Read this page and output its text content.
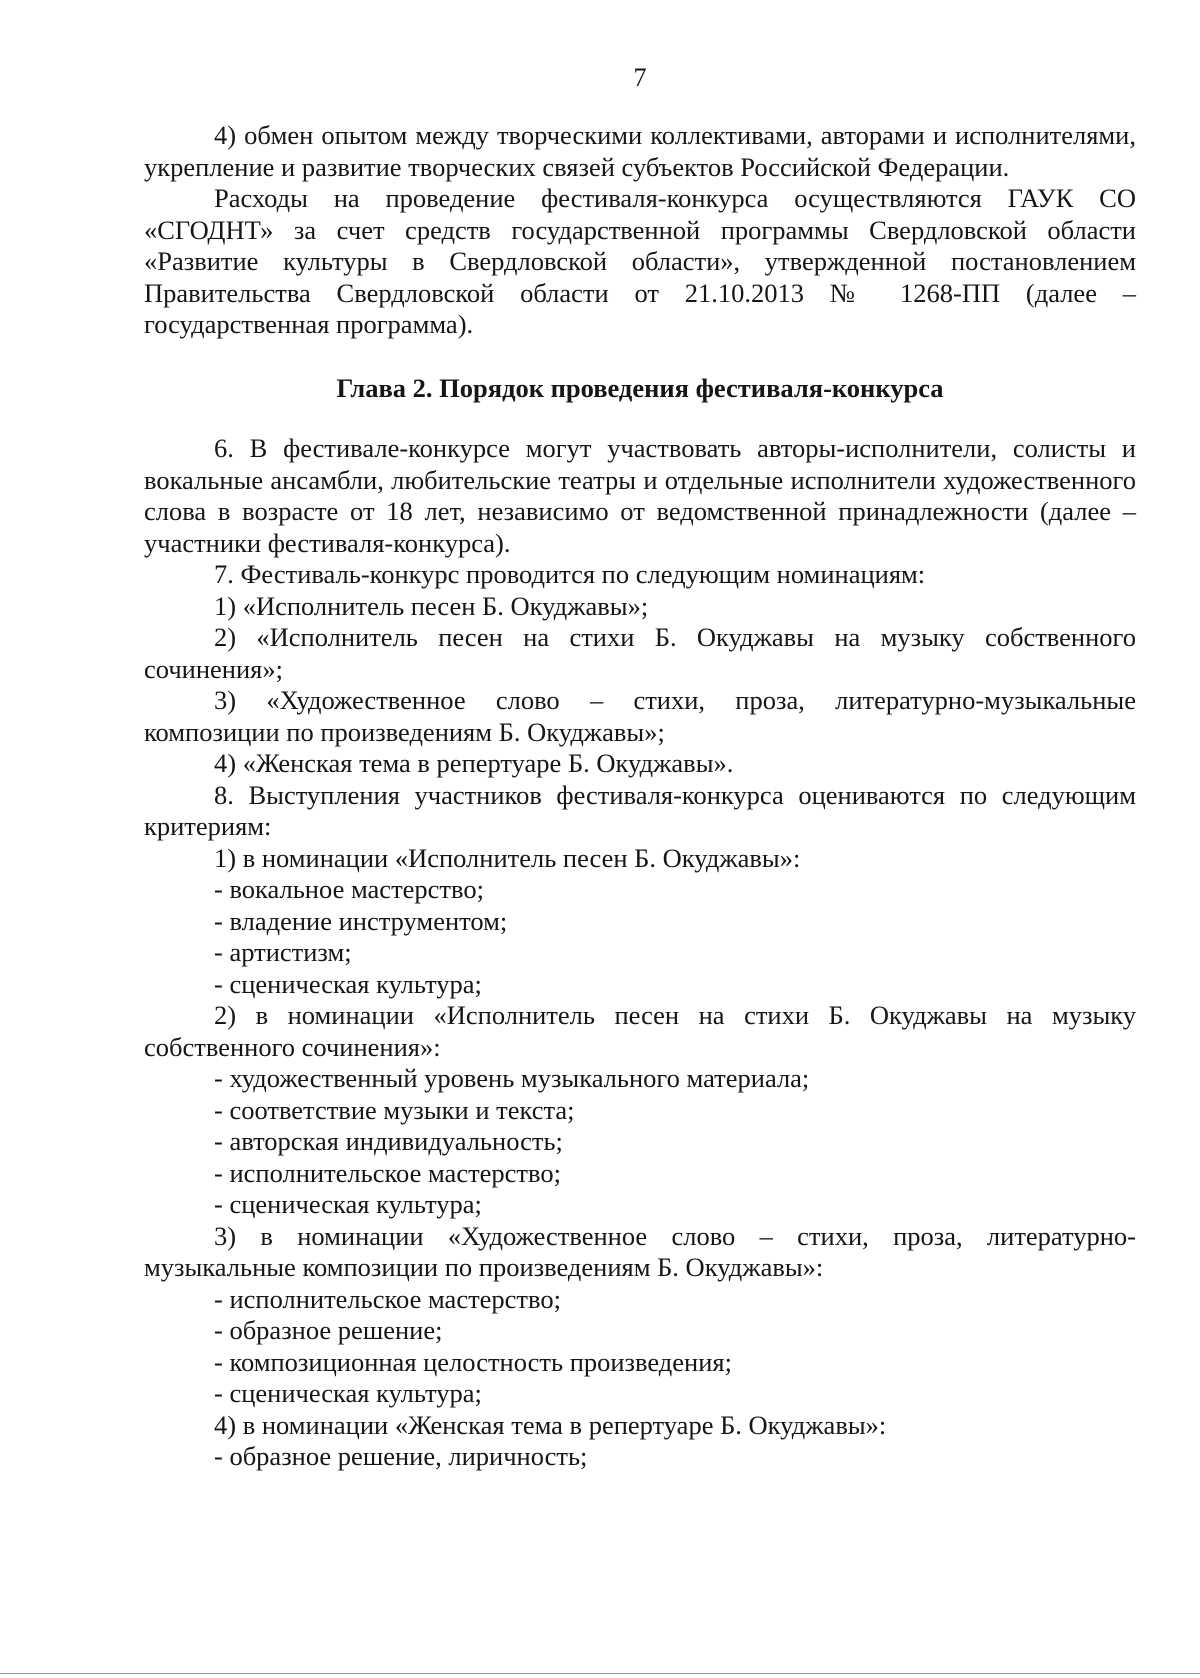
7

4) обмен опытом между творческими коллективами, авторами и исполнителями, укрепление и развитие творческих связей субъектов Российской Федерации.

Расходы на проведение фестиваля-конкурса осуществляются ГАУК СО «СГОДНТ» за счет средств государственной программы Свердловской области «Развитие культуры в Свердловской области», утвержденной постановлением Правительства Свердловской области от 21.10.2013 № 1268-ПП (далее – государственная программа).

Глава 2. Порядок проведения фестиваля-конкурса

6. В фестивале-конкурсе могут участвовать авторы-исполнители, солисты и вокальные ансамбли, любительские театры и отдельные исполнители художественного слова в возрасте от 18 лет, независимо от ведомственной принадлежности (далее – участники фестиваля-конкурса).

7. Фестиваль-конкурс проводится по следующим номинациям:

1) «Исполнитель песен Б. Окуджавы»;

2) «Исполнитель песен на стихи Б. Окуджавы на музыку собственного сочинения»;

3) «Художественное слово – стихи, проза, литературно-музыкальные композиции по произведениям Б. Окуджавы»;

4) «Женская тема в репертуаре Б. Окуджавы».

8. Выступления участников фестиваля-конкурса оцениваются по следующим критериям:

1) в номинации «Исполнитель песен Б. Окуджавы»:

- вокальное мастерство;

- владение инструментом;

- артистизм;

- сценическая культура;

2) в номинации «Исполнитель песен на стихи Б. Окуджавы на музыку собственного сочинения»:

- художественный уровень музыкального материала;

- соответствие музыки и текста;

- авторская индивидуальность;

- исполнительское мастерство;

- сценическая культура;

3) в номинации «Художественное слово – стихи, проза, литературно-музыкальные композиции по произведениям Б. Окуджавы»:

- исполнительское мастерство;

- образное решение;

- композиционная целостность произведения;

- сценическая культура;

4) в номинации «Женская тема в репертуаре Б. Окуджавы»:

- образное решение, лиричность;
